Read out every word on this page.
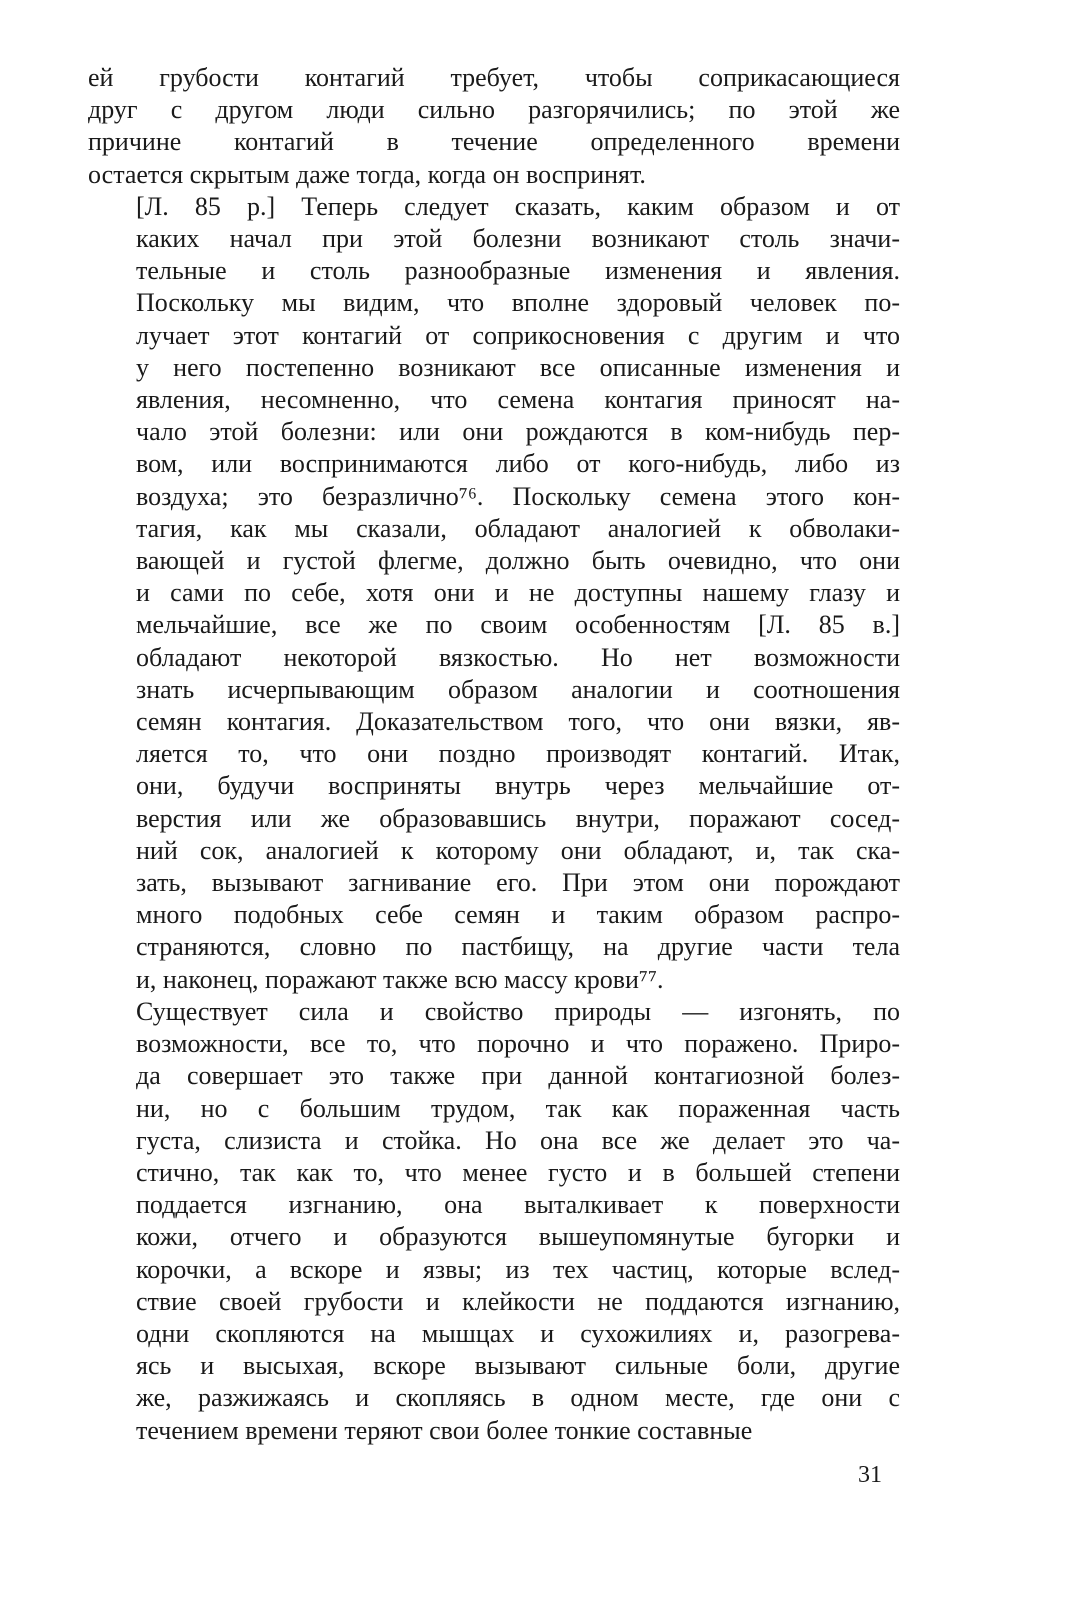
ей грубости контагий требует, чтобы соприкасающиеся
друг с другом люди сильно разгорячились; по этой же
причине контагий в течение определенного времени
остается скрытым даже тогда, когда он воспринят.

[Л. 85 р.] Теперь следует сказать, каким образом и от
каких начал при этой болезни возникают столь значи-
тельные и столь разнообразные изменения и явления.
Поскольку мы видим, что вполне здоровый человек по-
лучает этот контагий от соприкосновения с другим и что
у него постепенно возникают все описанные изменения и
явления, несомненно, что семена контагия приносят на-
чало этой болезни: или они рождаются в ком-нибудь пер-
вом, или воспринимаются либо от кого-нибудь, либо из
воздуха; это безразлично⁷⁶. Поскольку семена этого кон-
тагия, как мы сказали, обладают аналогией к обволаки-
вающей и густой флегме, должно быть очевидно, что они
и сами по себе, хотя они и не доступны нашему глазу и
мельчайшие, все же по своим особенностям [Л. 85 в.]
обладают некоторой вязкостью. Но нет возможности
знать исчерпывающим образом аналогии и соотношения
семян контагия. Доказательством того, что они вязки, яв-
ляется то, что они поздно производят контагий. Итак,
они, будучи восприняты внутрь через мельчайшие от-
верстия или же образовавшись внутри, поражают сосед-
ний сок, аналогией к которому они обладают, и, так ска-
зать, вызывают загнивание его. При этом они порождают
много подобных себе семян и таким образом распро-
страняются, словно по пастбищу, на другие части тела
и, наконец, поражают также всю массу крови⁷⁷.

Существует сила и свойство природы — изгонять, по
возможности, все то, что порочно и что поражено. Приро-
да совершает это также при данной контагиозной болез-
ни, но с большим трудом, так как пораженная часть
густа, слизиста и стойка. Но она все же делает это ча-
стично, так как то, что менее густо и в большей степени
поддается изгнанию, она выталкивает к поверхности
кожи, отчего и образуются вышеупомянутые бугорки и
корочки, а вскоре и язвы; из тех частиц, которые вслед-
ствие своей грубости и клейкости не поддаются изгнанию,
одни скопляются на мышцах и сухожилиях и, разогрева-
ясь и высыхая, вскоре вызывают сильные боли, другие
же, разжижаясь и скопляясь в одном месте, где они с
течением времени теряют свои более тонкие составные

31
